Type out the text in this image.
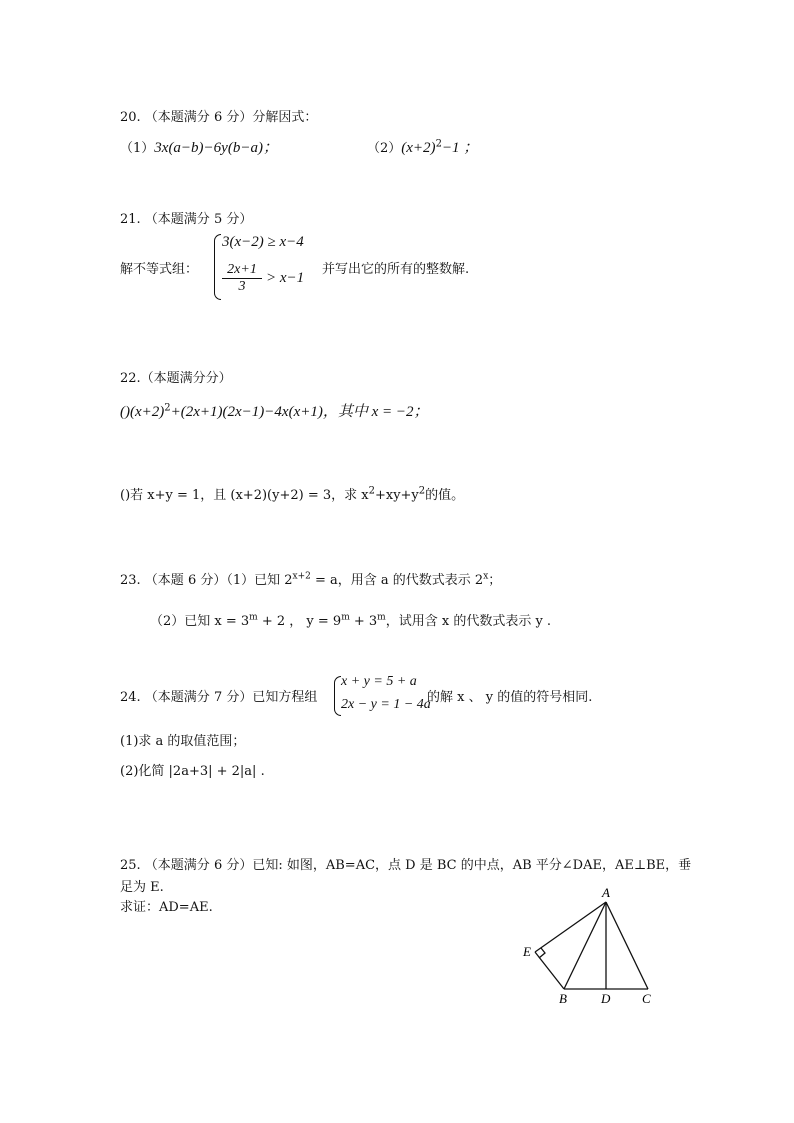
20. （本题满分 6 分）分解因式：
（1）3x(a−b)−6y(b−a)；	$(2)(x+2)^2-1$ ；
21. （本题满分 5 分）
解不等式组：
3(x−2) ≥ x−4
$\frac{2x+1}{3} > x-1$
并写出它的所有的整数解.
22.（本题满分分）
$()(x+2)^2+(2x+1)(2x-1)-4x(x+1)$，其中 x = −2；
()若 x+y = 1，且 (x+2)(y+2) = 3，求 $x^2+xy+y^2$的值。
23. （本题 6 分）（1）已知 $2^{x+2} = a$，用含 a 的代数式表示 2$^x$；
（2）已知 $x = 3^m + 2$ ， $y = 9^m + 3^m$，试用含 x 的代数式表示 y .
24. （本题满分 7 分）已知方程组
x + y = 5 + a
2x − y = 1 − 4a
的解 x 、 y 的值的符号相同.
(1)求 a 的取值范围；
(2)化简 |2a+3| + 2|a| .
25. （本题满分 6 分）已知: 如图，AB=AC，点 D 是 BC 的中点，AB 平分∠DAE，AE⊥BE，垂
足为 E.
求证：AD=AE.
A
E
B	D C
